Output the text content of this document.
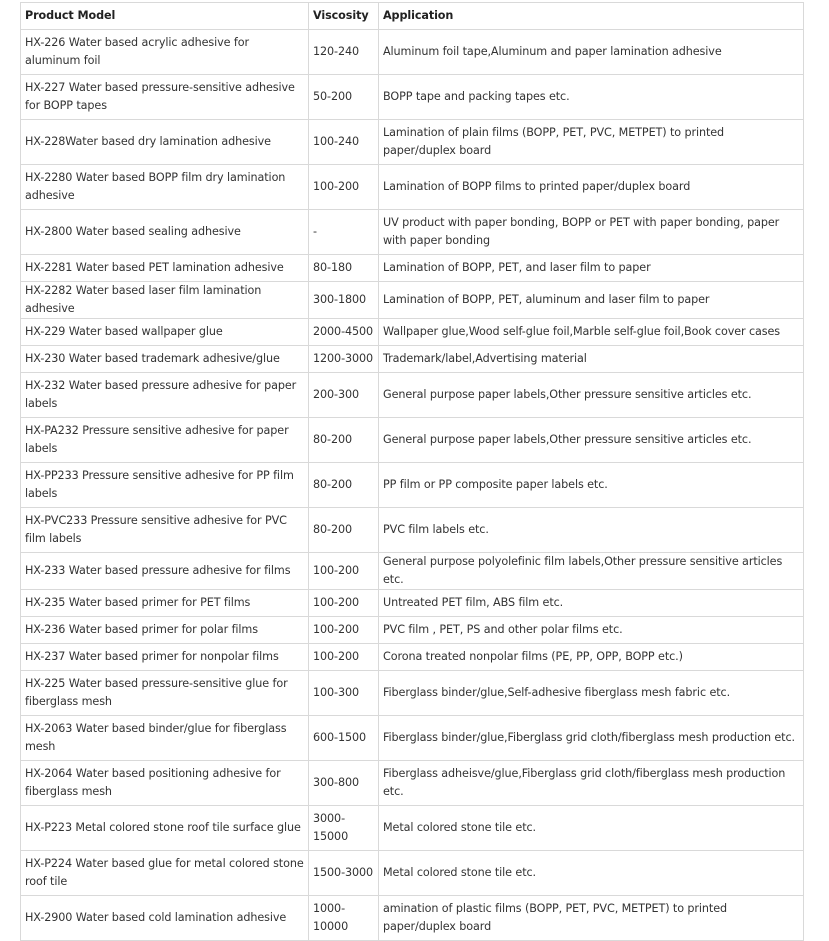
Product Model	Viscosity	Application
HX-226 Water based acrylic adhesive for aluminum foil	120-240	Aluminum foil tape,Aluminum and paper lamination adhesive
HX-227 Water based pressure-sensitive adhesive for BOPP tapes	50-200	BOPP tape and packing tapes etc.
HX-228Water based dry lamination adhesive	100-240	Lamination of plain films (BOPP, PET, PVC, METPET) to printed paper/duplex board
HX-2280 Water based BOPP film dry lamination adhesive	100-200	Lamination of BOPP films to printed paper/duplex board
HX-2800 Water based sealing adhesive	-	UV product with paper bonding, BOPP or PET with paper bonding, paper with paper bonding
HX-2281 Water based PET lamination adhesive	80-180	Lamination of BOPP, PET, and laser film to paper
HX-2282 Water based laser film lamination adhesive	300-1800	Lamination of BOPP, PET, aluminum and laser film to paper
HX-229 Water based wallpaper glue	2000-4500	Wallpaper glue,Wood self-glue foil,Marble self-glue foil,Book cover cases
HX-230 Water based trademark adhesive/glue	1200-3000	Trademark/label,Advertising material
HX-232 Water based pressure adhesive for paper labels	200-300	General purpose paper labels,Other pressure sensitive articles etc.
HX-PA232 Pressure sensitive adhesive for paper labels	80-200	General purpose paper labels,Other pressure sensitive articles etc.
HX-PP233 Pressure sensitive adhesive for PP film labels	80-200	PP film or PP composite paper labels etc.
HX-PVC233 Pressure sensitive adhesive for PVC film labels	80-200	PVC film labels etc.
HX-233 Water based pressure adhesive for films	100-200	General purpose polyolefinic film labels,Other pressure sensitive articles etc.
HX-235 Water based primer for PET films	100-200	Untreated PET film, ABS film etc.
HX-236 Water based primer for polar films	100-200	PVC film , PET, PS and other polar films etc.
HX-237 Water based primer for nonpolar films	100-200	Corona treated nonpolar films (PE, PP, OPP, BOPP etc.)
HX-225 Water based pressure-sensitive glue for fiberglass mesh	100-300	Fiberglass binder/glue,Self-adhesive fiberglass mesh fabric etc.
HX-2063 Water based binder/glue for fiberglass mesh	600-1500	Fiberglass binder/glue,Fiberglass grid cloth/fiberglass mesh production etc.
HX-2064 Water based positioning adhesive for fiberglass mesh	300-800	Fiberglass adheisve/glue,Fiberglass grid cloth/fiberglass mesh production etc.
HX-P223 Metal colored stone roof tile surface glue	3000-15000	Metal colored stone tile etc.
HX-P224 Water based glue for metal colored stone roof tile	1500-3000	Metal colored stone tile etc.
HX-2900 Water based cold lamination adhesive	1000-10000	amination of plastic films (BOPP, PET, PVC, METPET) to printed paper/duplex board
